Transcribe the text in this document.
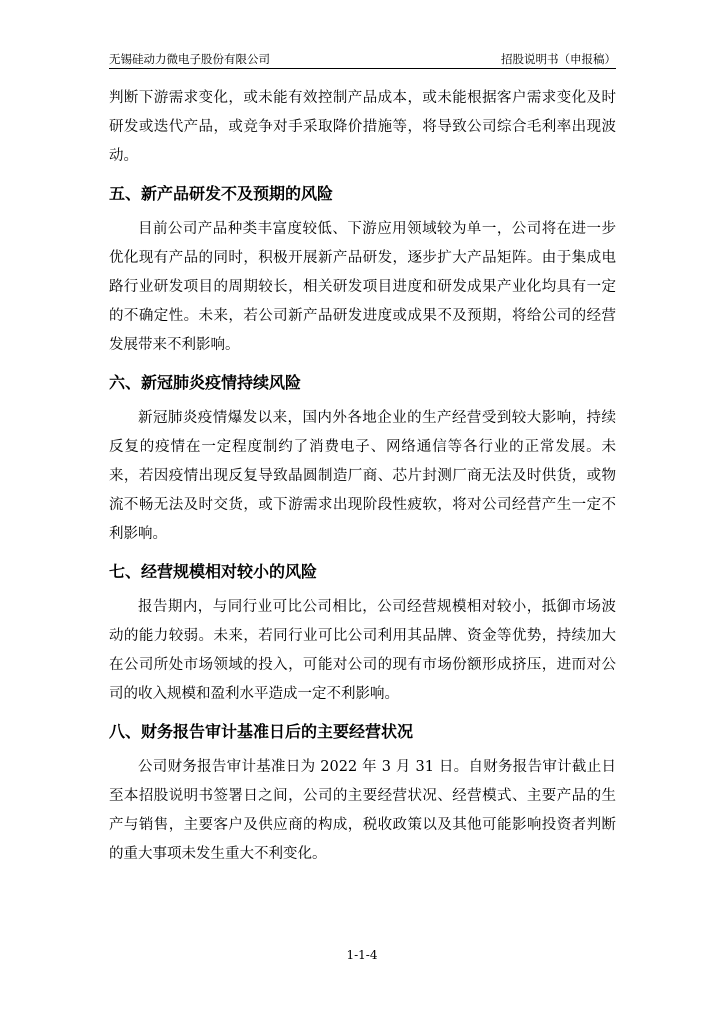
无锡硅动力微电子股份有限公司	招股说明书（申报稿）

判断下游需求变化，或未能有效控制产品成本，或未能根据客户需求变化及时研发或迭代产品，或竞争对手采取降价措施等，将导致公司综合毛利率出现波动。

五、新产品研发不及预期的风险

目前公司产品种类丰富度较低、下游应用领域较为单一，公司将在进一步优化现有产品的同时，积极开展新产品研发，逐步扩大产品矩阵。由于集成电路行业研发项目的周期较长，相关研发项目进度和研发成果产业化均具有一定的不确定性。未来，若公司新产品研发进度或成果不及预期，将给公司的经营发展带来不利影响。

六、新冠肺炎疫情持续风险

新冠肺炎疫情爆发以来，国内外各地企业的生产经营受到较大影响，持续反复的疫情在一定程度制约了消费电子、网络通信等各行业的正常发展。未来，若因疫情出现反复导致晶圆制造厂商、芯片封测厂商无法及时供货，或物流不畅无法及时交货，或下游需求出现阶段性疲软，将对公司经营产生一定不利影响。

七、经营规模相对较小的风险

报告期内，与同行业可比公司相比，公司经营规模相对较小，抵御市场波动的能力较弱。未来，若同行业可比公司利用其品牌、资金等优势，持续加大在公司所处市场领域的投入，可能对公司的现有市场份额形成挤压，进而对公司的收入规模和盈利水平造成一定不利影响。

八、财务报告审计基准日后的主要经营状况

公司财务报告审计基准日为 2022 年 3 月 31 日。自财务报告审计截止日至本招股说明书签署日之间，公司的主要经营状况、经营模式、主要产品的生产与销售，主要客户及供应商的构成，税收政策以及其他可能影响投资者判断的重大事项未发生重大不利变化。

1-1-4
